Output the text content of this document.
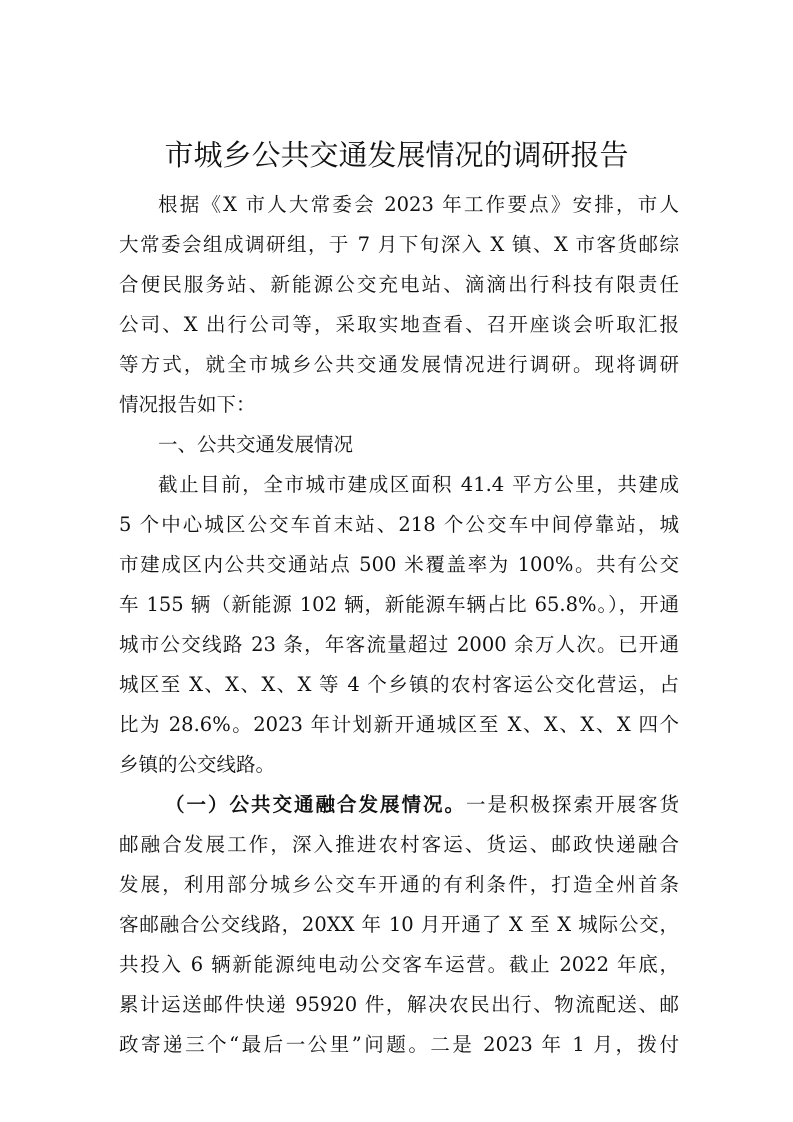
市城乡公共交通发展情况的调研报告
根据《X 市人大常委会 2023 年工作要点》安排，市人
大常委会组成调研组，于 7 月下旬深入 X 镇、X 市客货邮综
合便民服务站、新能源公交充电站、滴滴出行科技有限责任
公司、X 出行公司等，采取实地查看、召开座谈会听取汇报
等方式，就全市城乡公共交通发展情况进行调研。现将调研
情况报告如下：
一、公共交通发展情况
截止目前，全市城市建成区面积 41.4 平方公里，共建成
5 个中心城区公交车首末站、218 个公交车中间停靠站，城
市建成区内公共交通站点 500 米覆盖率为 100%。共有公交
车 155 辆（新能源 102 辆，新能源车辆占比 65.8%。），开通
城市公交线路 23 条，年客流量超过 2000 余万人次。已开通
城区至 X、X、X、X 等 4 个乡镇的农村客运公交化营运，占
比为 28.6%。2023 年计划新开通城区至 X、X、X、X 四个
乡镇的公交线路。
（一）公共交通融合发展情况。一是积极探索开展客货
邮融合发展工作，深入推进农村客运、货运、邮政快递融合
发展，利用部分城乡公交车开通的有利条件，打造全州首条
客邮融合公交线路，20XX 年 10 月开通了 X 至 X 城际公交，
共投入 6 辆新能源纯电动公交客车运营。截止 2022 年底，
累计运送邮件快递 95920 件，解决农民出行、物流配送、邮
政寄递三个“最后一公里”问题。二是 2023 年 1 月，拨付
